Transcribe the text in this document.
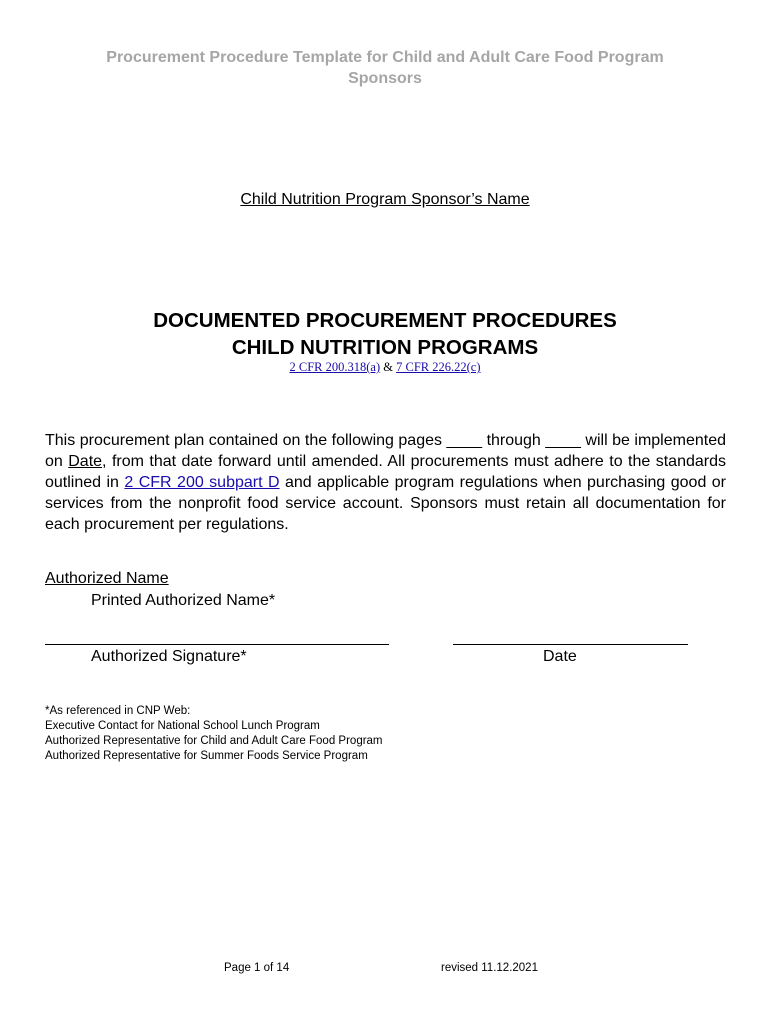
Procurement Procedure Template for Child and Adult Care Food Program
Sponsors
Child Nutrition Program Sponsor’s Name
DOCUMENTED PROCUREMENT PROCEDURES
CHILD NUTRITION PROGRAMS
2 CFR 200.318(a) & 7 CFR 226.22(c)
This procurement plan contained on the following pages ____ through ____ will be implemented on Date, from that date forward until amended. All procurements must adhere to the standards outlined in 2 CFR 200 subpart D and applicable program regulations when purchasing good or services from the nonprofit food service account. Sponsors must retain all documentation for each procurement per regulations.
Authorized Name
Printed Authorized Name*
Authorized Signature*	Date
*As referenced in CNP Web:
Executive Contact for National School Lunch Program
Authorized Representative for Child and Adult Care Food Program
Authorized Representative for Summer Foods Service Program
Page 1 of 14	revised 11.12.2021
